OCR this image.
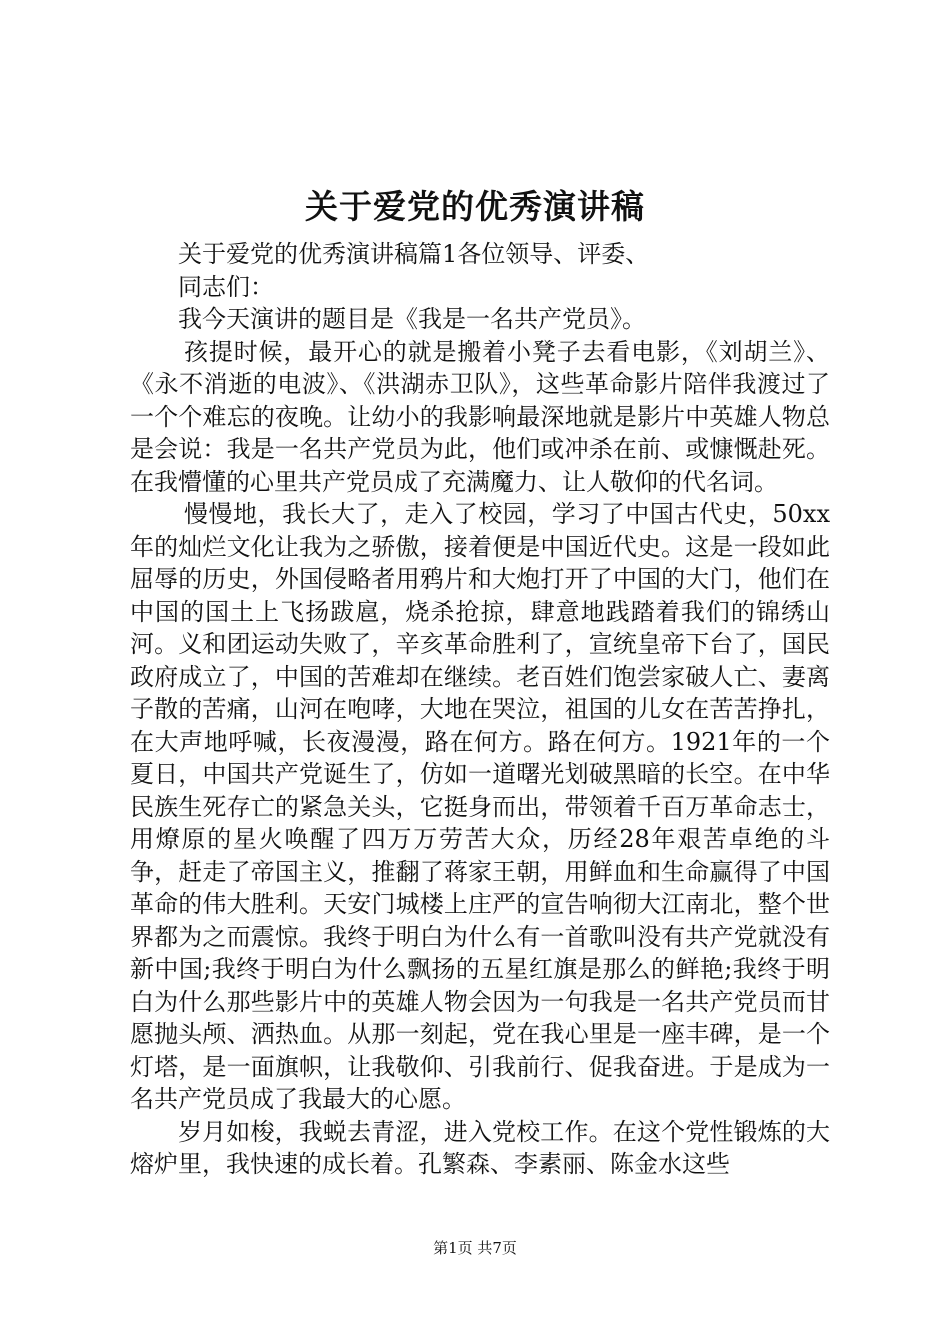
关于爱党的优秀演讲稿

关于爱党的优秀演讲稿篇1各位领导、评委、

同志们：

我今天演讲的题目是《我是一名共产党员》。

孩提时候，最开心的就是搬着小凳子去看电影，《刘胡兰》、《永不消逝的电波》、《洪湖赤卫队》，这些革命影片陪伴我渡过了一个个难忘的夜晚。让幼小的我影响最深地就是影片中英雄人物总是会说：我是一名共产党员为此，他们或冲杀在前、或慷慨赴死。在我懵懂的心里共产党员成了充满魔力、让人敬仰的代名词。

慢慢地，我长大了，走入了校园，学习了中国古代史，50xx年的灿烂文化让我为之骄傲，接着便是中国近代史。这是一段如此屈辱的历史，外国侵略者用鸦片和大炮打开了中国的大门，他们在中国的国土上飞扬跋扈，烧杀抢掠，肆意地践踏着我们的锦绣山河。义和团运动失败了，辛亥革命胜利了，宣统皇帝下台了，国民政府成立了，中国的苦难却在继续。老百姓们饱尝家破人亡、妻离子散的苦痛，山河在咆哮，大地在哭泣，祖国的儿女在苦苦挣扎，在大声地呼喊，长夜漫漫，路在何方。路在何方。1921年的一个夏日，中国共产党诞生了，仿如一道曙光划破黑暗的长空。在中华民族生死存亡的紧急关头，它挺身而出，带领着千百万革命志士，用燎原的星火唤醒了四万万劳苦大众，历经28年艰苦卓绝的斗争，赶走了帝国主义，推翻了蒋家王朝，用鲜血和生命赢得了中国革命的伟大胜利。天安门城楼上庄严的宣告响彻大江南北，整个世界都为之而震惊。我终于明白为什么有一首歌叫没有共产党就没有新中国;我终于明白为什么飘扬的五星红旗是那么的鲜艳;我终于明白为什么那些影片中的英雄人物会因为一句我是一名共产党员而甘愿抛头颅、洒热血。从那一刻起，党在我心里是一座丰碑，是一个灯塔，是一面旗帜，让我敬仰、引我前行、促我奋进。于是成为一名共产党员成了我最大的心愿。

岁月如梭，我蜕去青涩，进入党校工作。在这个党性锻炼的大熔炉里，我快速的成长着。孔繁森、李素丽、陈金水这些

第1页 共7页
